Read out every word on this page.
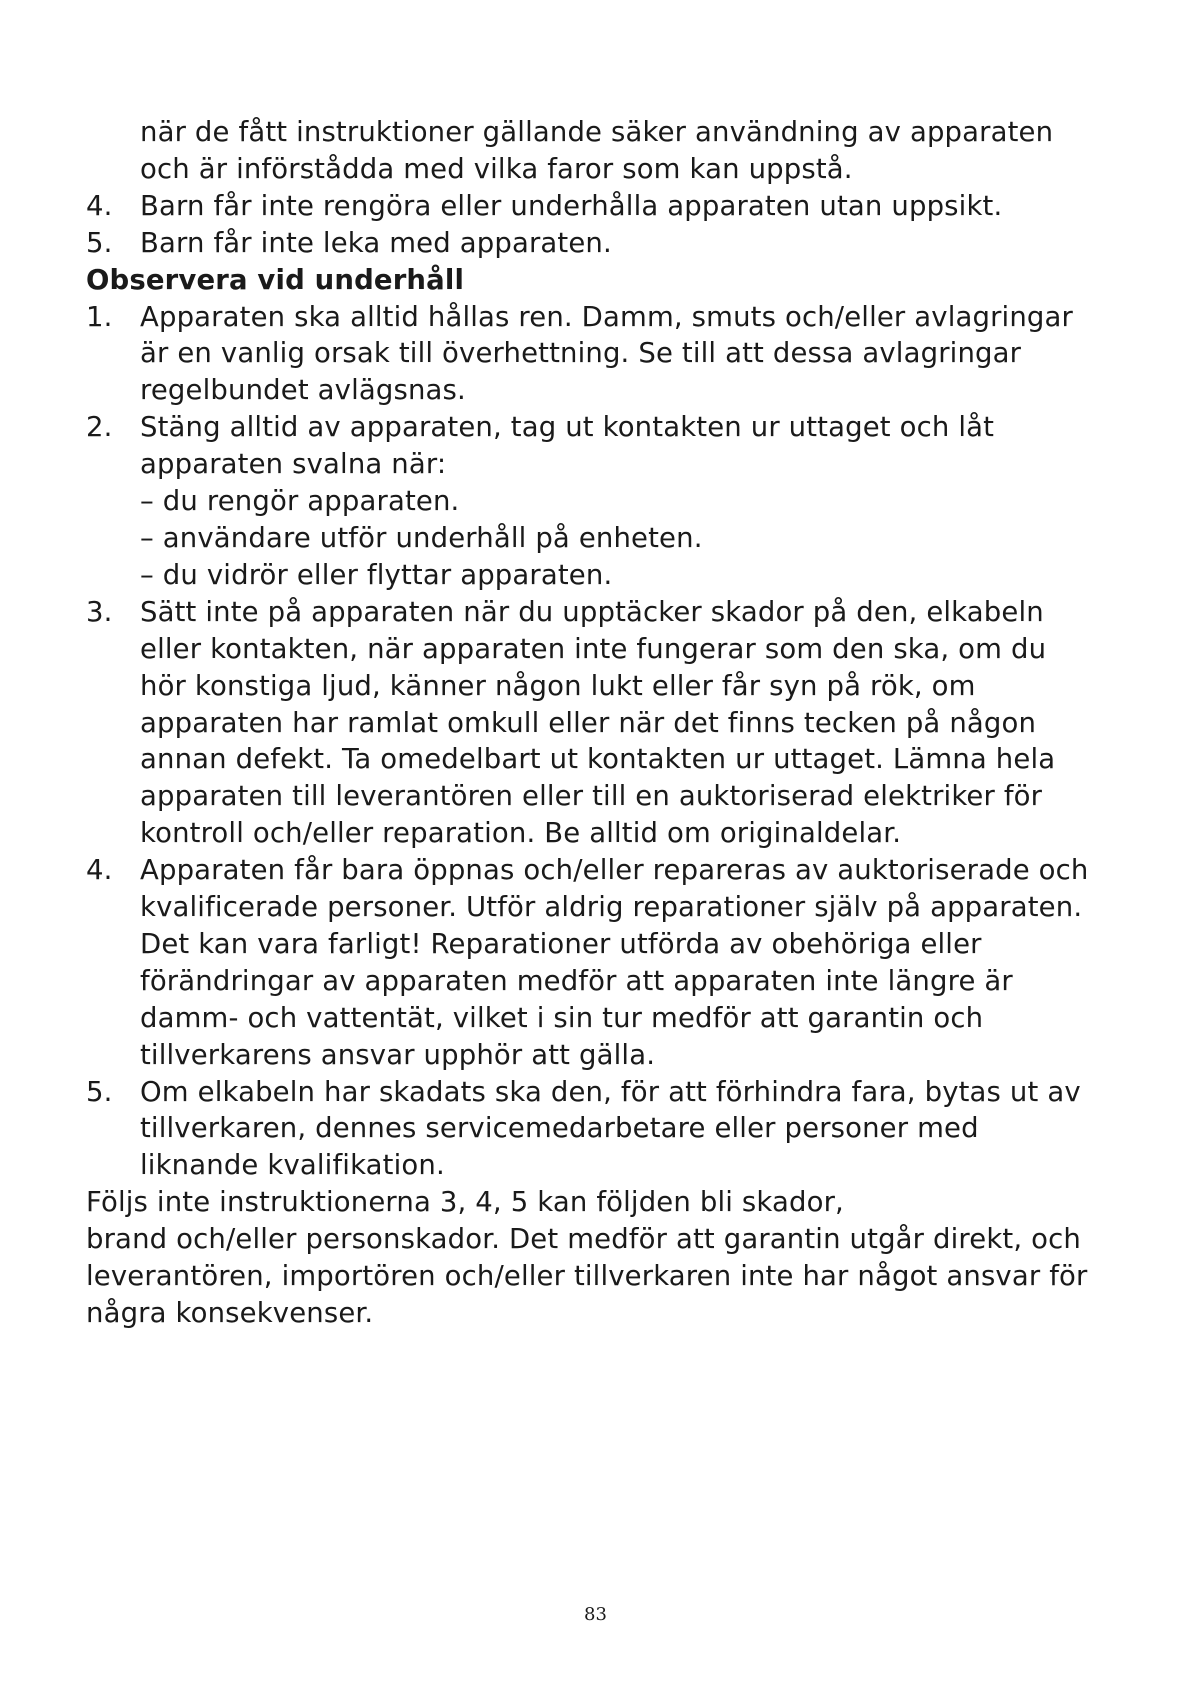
när de fått instruktioner gällande säker användning av apparaten
och är införstådda med vilka faror som kan uppstå.
4. Barn får inte rengöra eller underhålla apparaten utan uppsikt.
5. Barn får inte leka med apparaten.
Observera vid underhåll
1. Apparaten ska alltid hållas ren. Damm, smuts och/eller avlagringar
är en vanlig orsak till överhettning. Se till att dessa avlagringar
regelbundet avlägsnas.
2. Stäng alltid av apparaten, tag ut kontakten ur uttaget och låt
apparaten svalna när:
– du rengör apparaten.
– användare utför underhåll på enheten.
– du vidrör eller flyttar apparaten.
3. Sätt inte på apparaten när du upptäcker skador på den, elkabeln
eller kontakten, när apparaten inte fungerar som den ska, om du
hör konstiga ljud, känner någon lukt eller får syn på rök, om
apparaten har ramlat omkull eller när det finns tecken på någon
annan defekt. Ta omedelbart ut kontakten ur uttaget. Lämna hela
apparaten till leverantören eller till en auktoriserad elektriker för
kontroll och/eller reparation. Be alltid om originaldelar.
4. Apparaten får bara öppnas och/eller repareras av auktoriserade och
kvalificerade personer. Utför aldrig reparationer själv på apparaten.
Det kan vara farligt! Reparationer utförda av obehöriga eller
förändringar av apparaten medför att apparaten inte längre är
damm- och vattentät, vilket i sin tur medför att garantin och
tillverkarens ansvar upphör att gälla.
5. Om elkabeln har skadats ska den, för att förhindra fara, bytas ut av
tillverkaren, dennes servicemedarbetare eller personer med
liknande kvalifikation.
Följs inte instruktionerna 3, 4, 5 kan följden bli skador,
brand och/eller personskador. Det medför att garantin utgår direkt, och
leverantören, importören och/eller tillverkaren inte har något ansvar för
några konsekvenser.
83
